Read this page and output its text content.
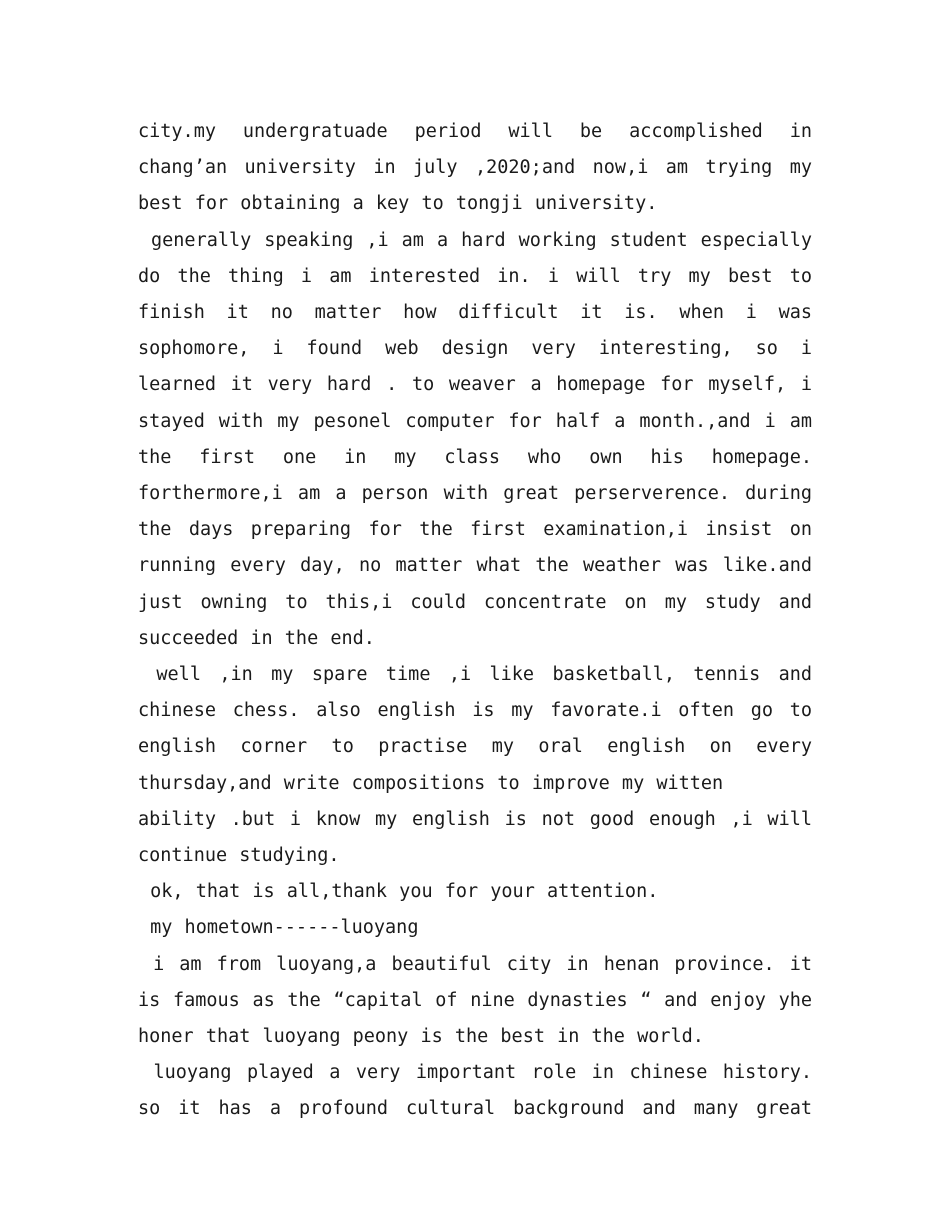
city.my undergratuade period will be accomplished in chang’an university in july ,2020;and now,i am trying my best for obtaining a key to tongji university.

generally speaking ,i am a hard working student especially do the thing i am interested in. i will try my best to finish it no matter how difficult it is. when i was sophomore, i found web design very interesting, so i learned it very hard . to weaver a homepage for myself, i stayed with my pesonel computer for half a month.,and i am the first one in my class who own his homepage. forthermore,i am a person with great perserverence. during the days preparing for the first examination,i insist on running every day, no matter what the weather was like.and just owning to this,i could concentrate on my study and succeeded in the end.

well ,in my spare time ,i like basketball, tennis and chinese chess. also english is my favorate.i often go to english corner to practise my oral english on every thursday,and write compositions to improve my witten

ability .but i know my english is not good enough ,i will continue studying.

ok, that is all,thank you for your attention.

my hometown------luoyang

i am from luoyang,a beautiful city in henan province. it is famous as the “capital of nine dynasties “ and enjoy yhe honer that luoyang peony is the best in the world.

luoyang played a very important role in chinese history. so it has a profound cultural background and many great
